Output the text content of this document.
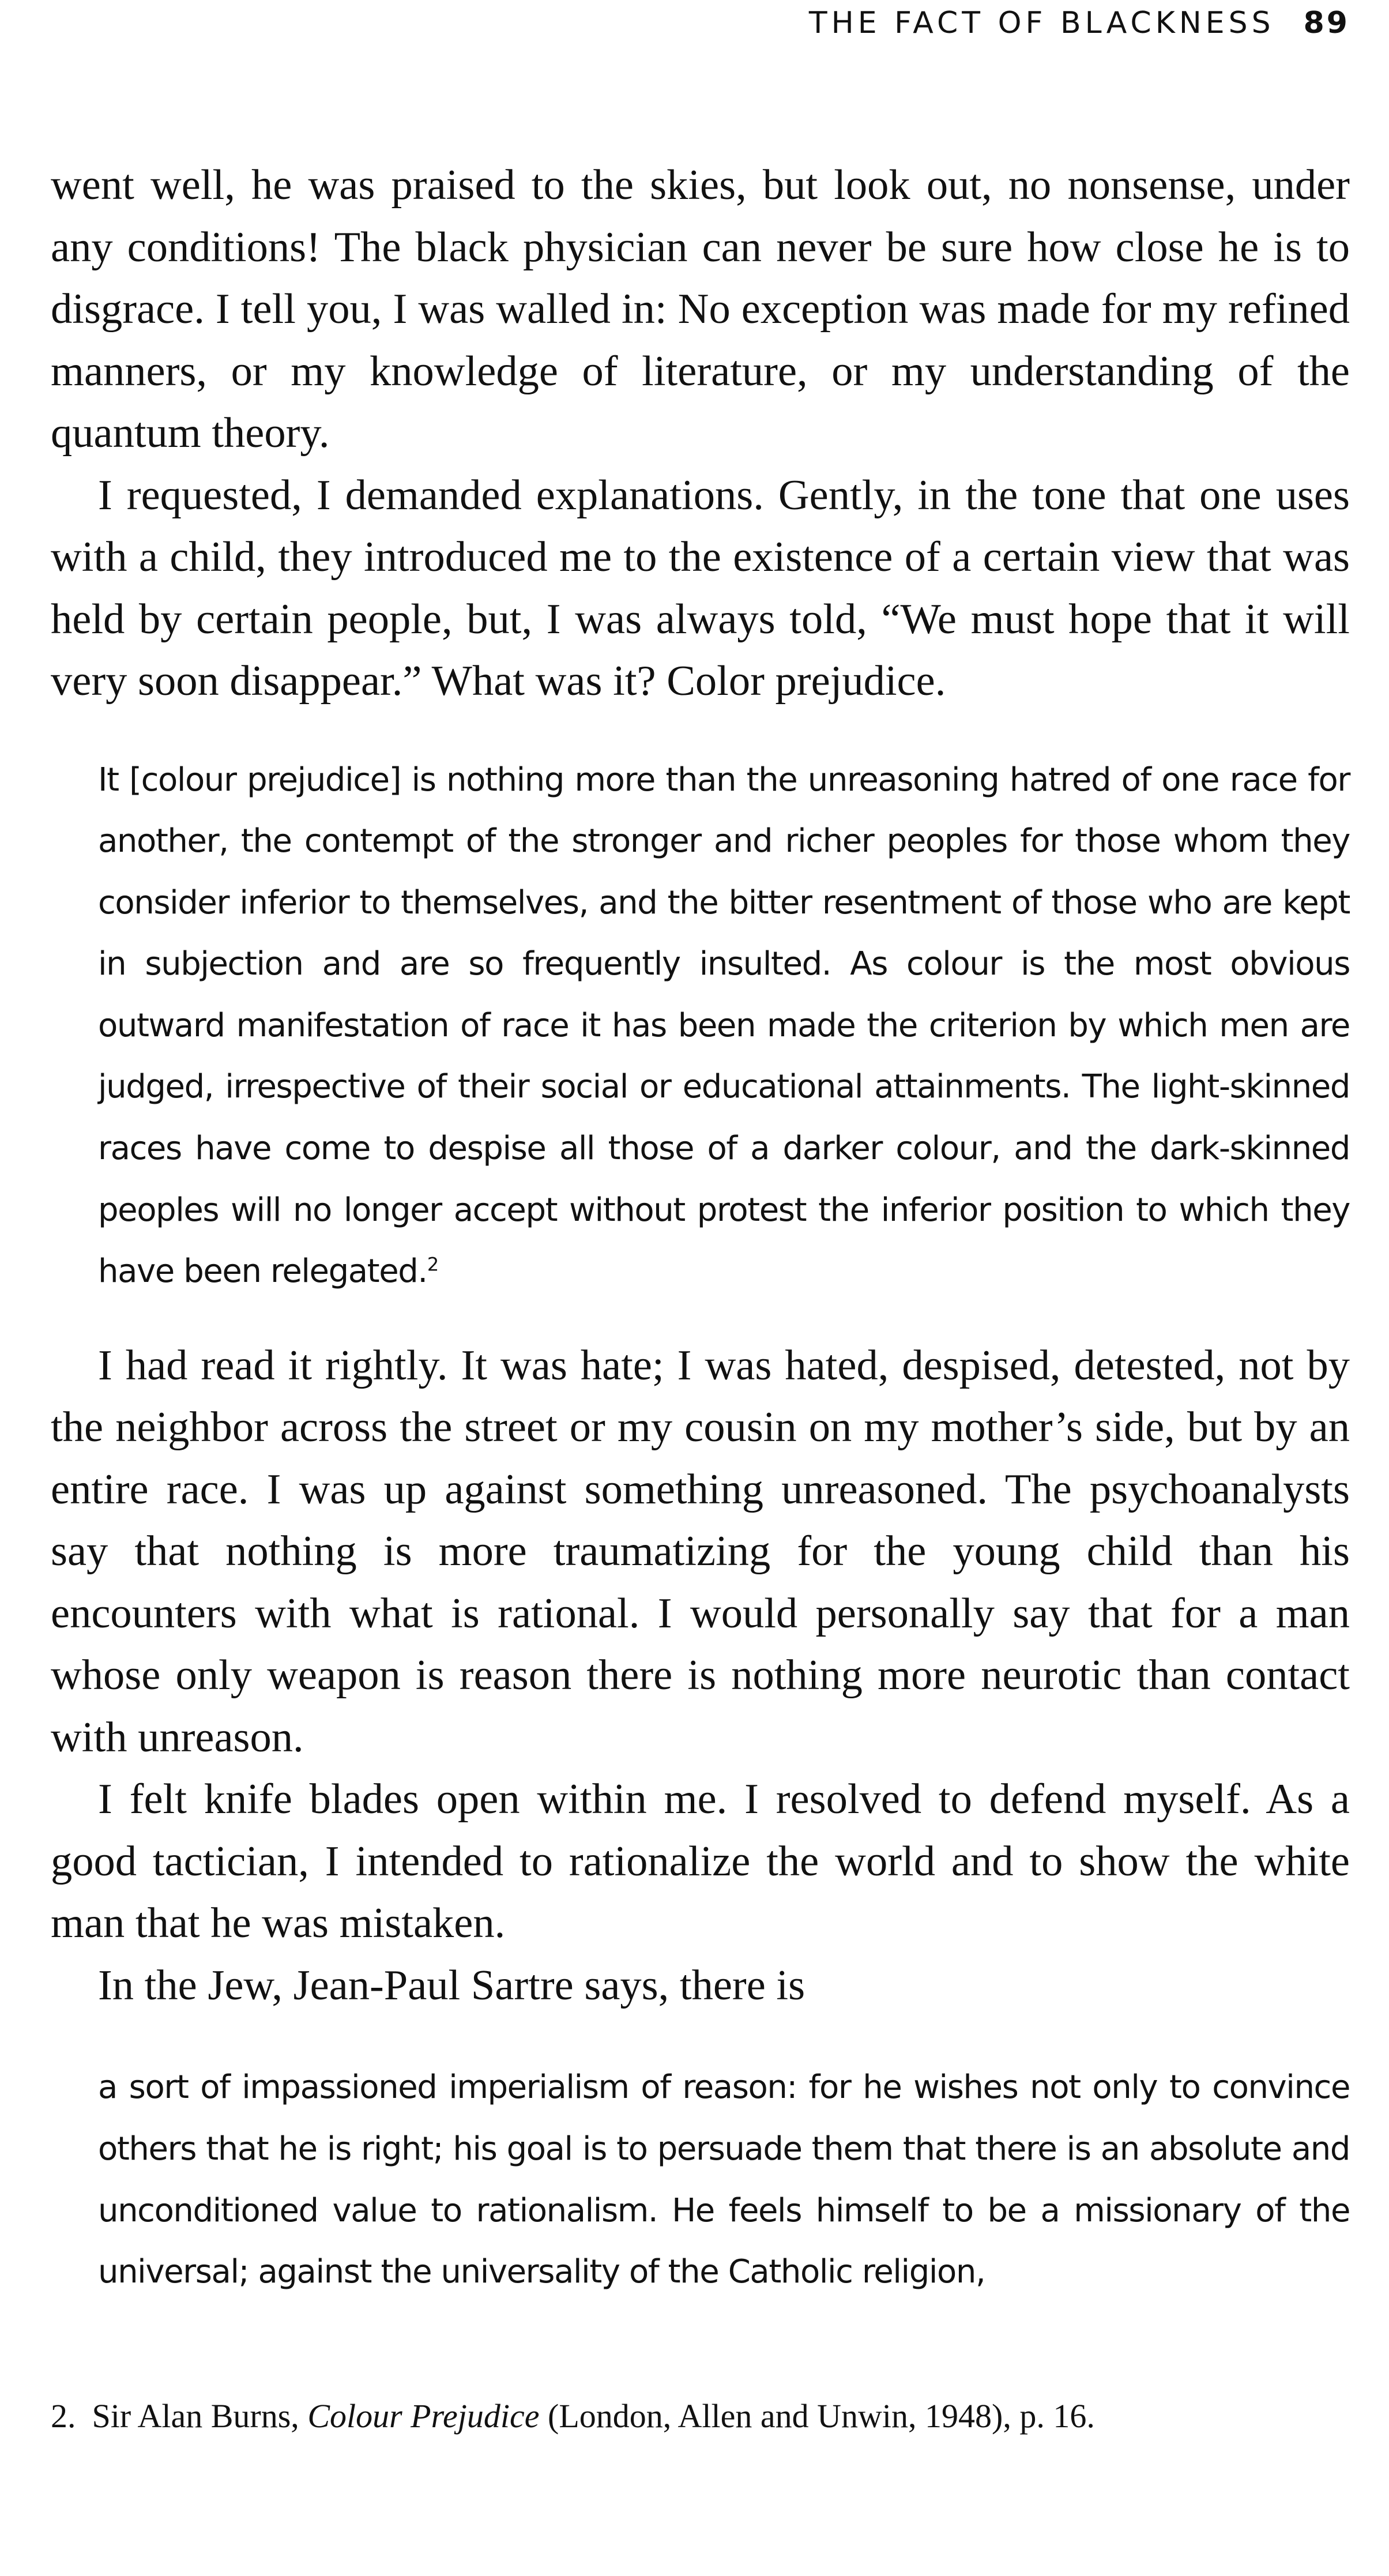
THE FACT OF BLACKNESS 89

went well, he was praised to the skies, but look out, no nonsense, under any conditions! The black physician can never be sure how close he is to disgrace. I tell you, I was walled in: No exception was made for my refined manners, or my knowledge of literature, or my understanding of the quantum theory.

I requested, I demanded explanations. Gently, in the tone that one uses with a child, they introduced me to the existence of a certain view that was held by certain people, but, I was always told, “We must hope that it will very soon disappear.” What was it? Color prejudice.

It [colour prejudice] is nothing more than the unreasoning hatred of one race for another, the contempt of the stronger and richer peoples for those whom they consider inferior to themselves, and the bitter resentment of those who are kept in subjection and are so frequently insulted. As colour is the most obvious outward manifestation of race it has been made the criterion by which men are judged, irrespective of their social or educational attainments. The light-skinned races have come to despise all those of a darker colour, and the dark-skinned peoples will no longer accept without protest the inferior position to which they have been relegated.$^2$

I had read it rightly. It was hate; I was hated, despised, detested, not by the neighbor across the street or my cousin on my mother’s side, but by an entire race. I was up against something unreasoned. The psychoanalysts say that nothing is more traumatizing for the young child than his encounters with what is rational. I would personally say that for a man whose only weapon is reason there is nothing more neurotic than contact with unreason.

I felt knife blades open within me. I resolved to defend myself. As a good tactician, I intended to rationalize the world and to show the white man that he was mistaken.

In the Jew, Jean-Paul Sartre says, there is

a sort of impassioned imperialism of reason: for he wishes not only to convince others that he is right; his goal is to persuade them that there is an absolute and unconditioned value to rationalism. He feels himself to be a missionary of the universal; against the universality of the Catholic religion,
2. Sir Alan Burns, Colour Prejudice (London, Allen and Unwin, 1948), p. 16.
